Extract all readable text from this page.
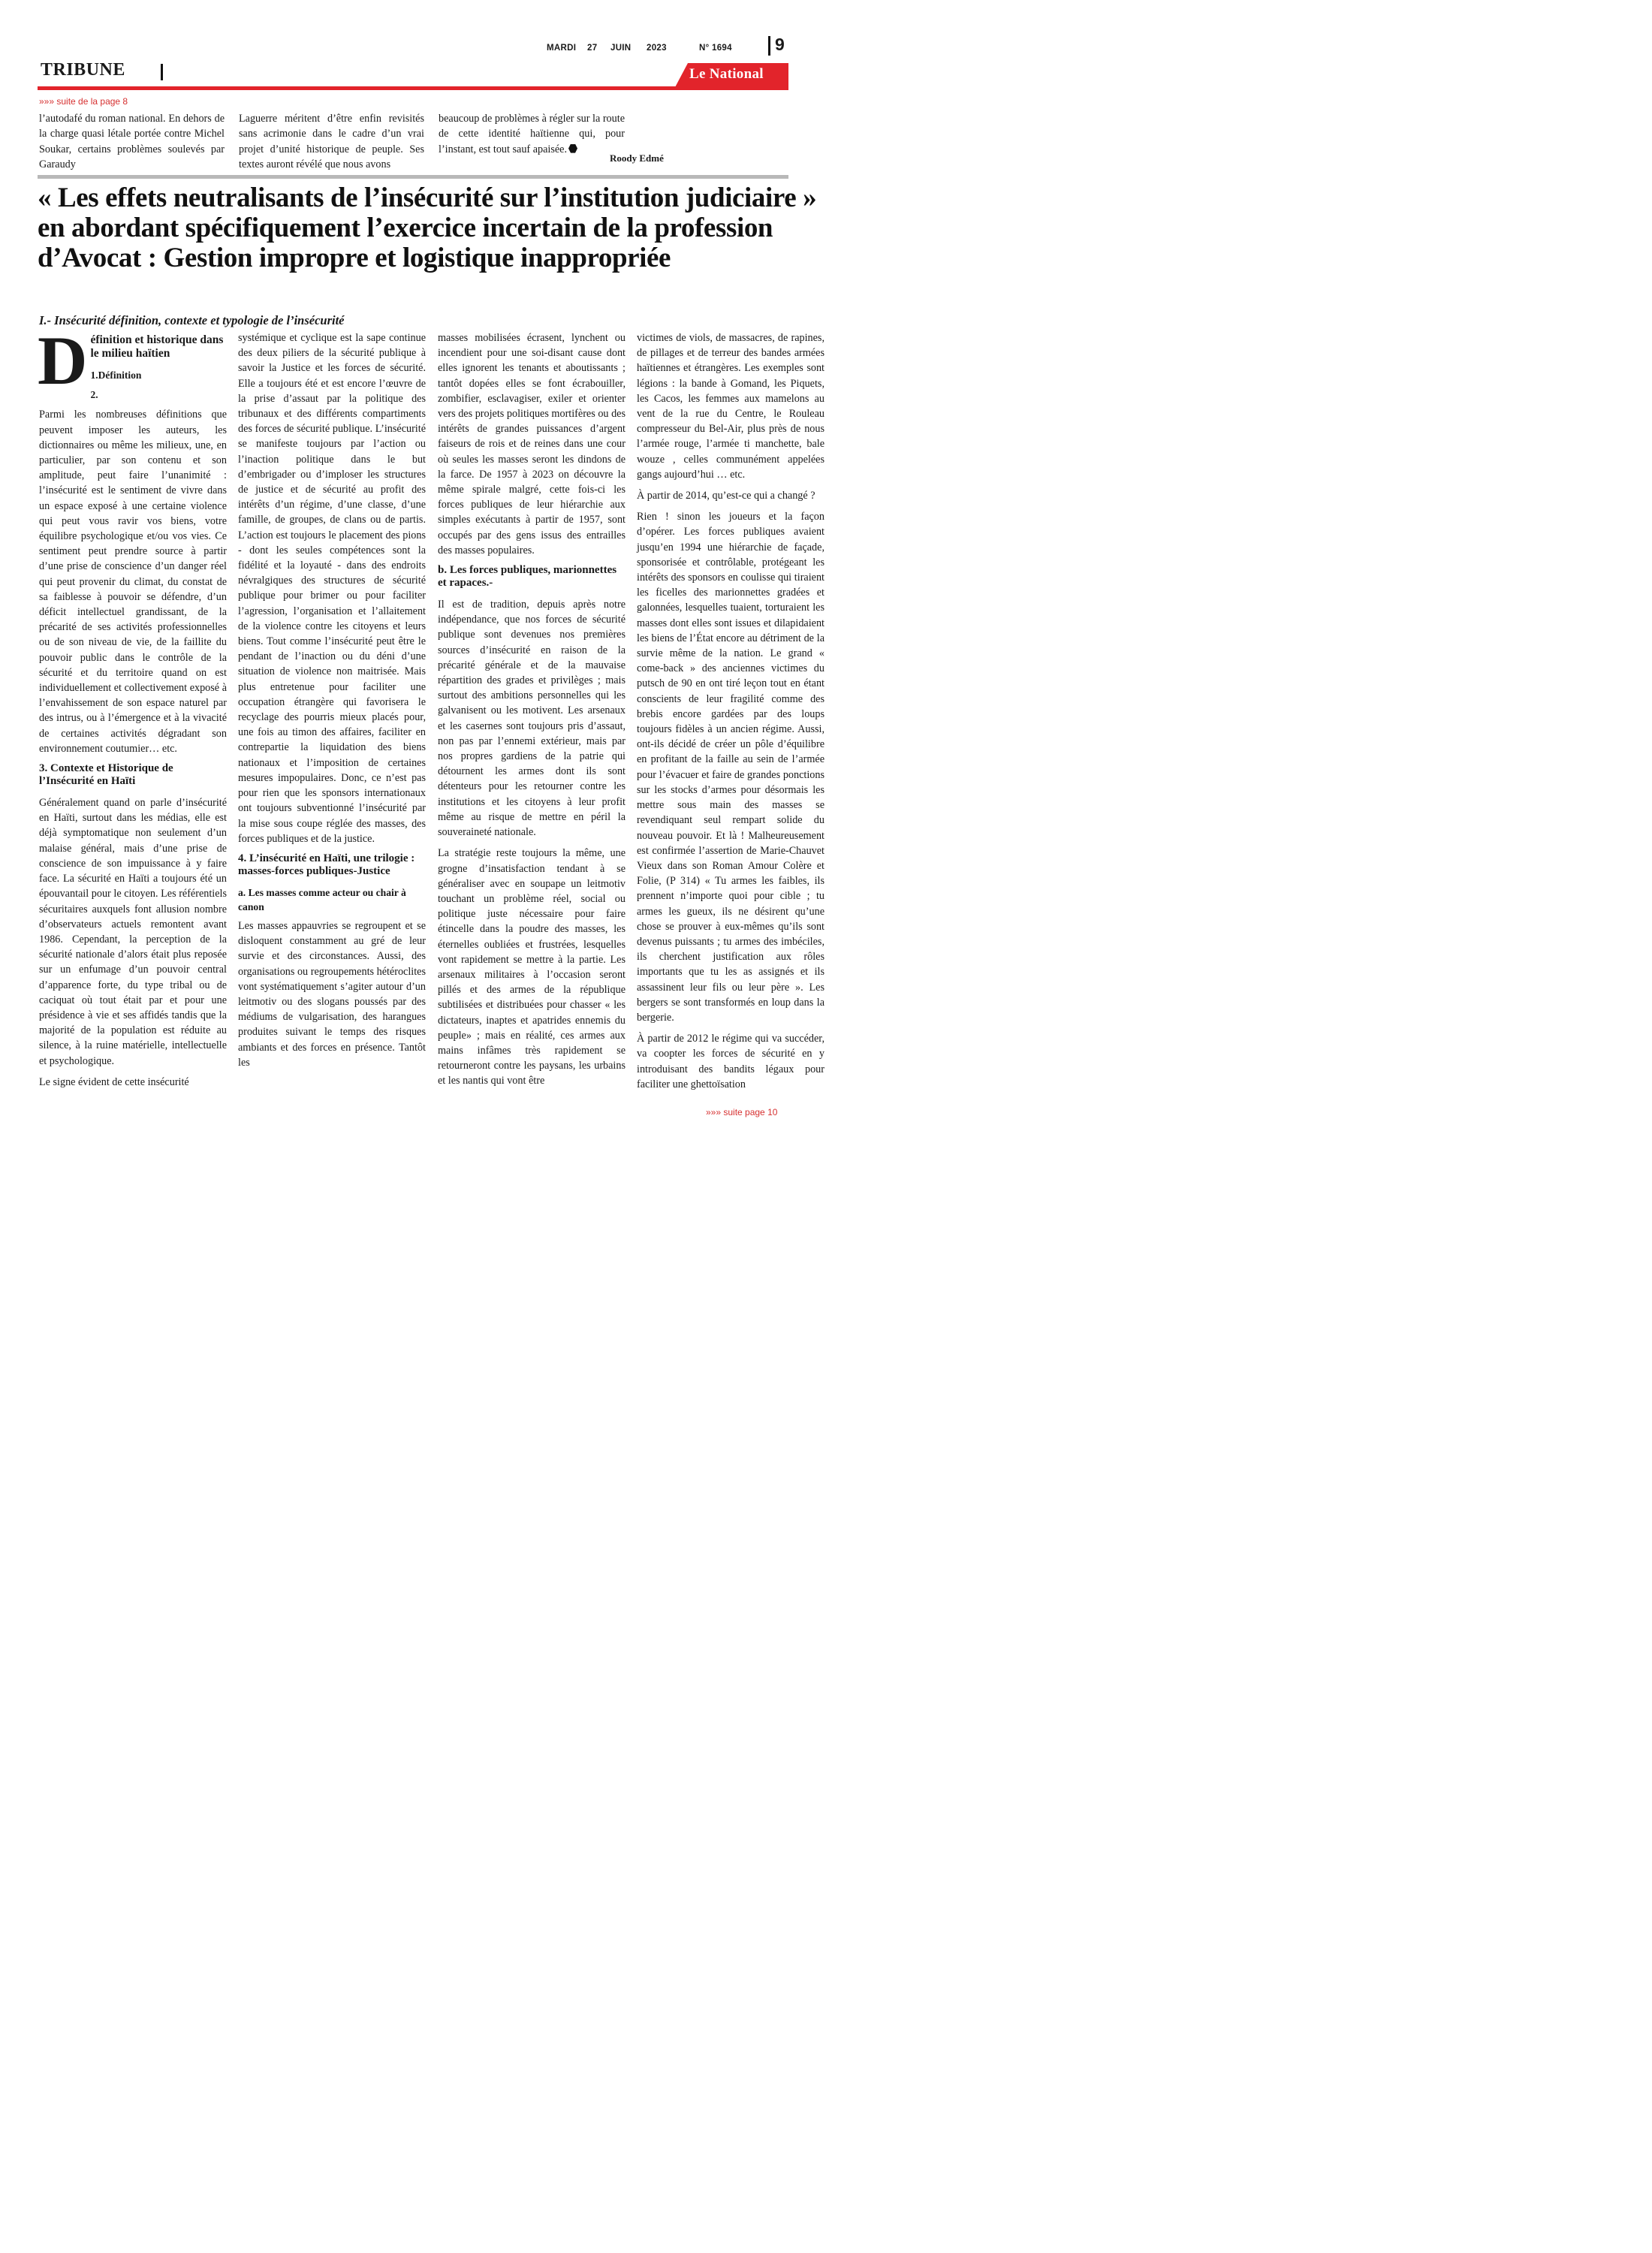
MARDI 27 JUIN 2023	N° 1694 9
TRIBUNE	Le National
»»» suite de la page 8
l’autodafé du roman national. En dehors de la charge quasi létale portée contre Michel Soukar, certains problèmes soulevés par Garaudy
Laguerre méritent d’être enfin revisités sans acrimonie dans le cadre d’un vrai projet d’unité historique de peuple. Ses textes auront révélé que nous avons
beaucoup de problèmes à régler sur la route de cette identité haïtienne qui, pour l’instant, est tout sauf apaisée.
Roody Edmé
« Les effets neutralisants de l’insécurité sur l’institution judiciaire » en abordant spécifiquement l’exercice incertain de la profession d’Avocat : Gestion impropre et logistique inappropriée
I.- Insécurité définition, contexte et typologie de l’insécurité
D éfinition et historique dans le milieu haïtien
1.Définition
2.

Parmi les nombreuses définitions que peuvent imposer les auteurs, les dictionnaires ou même les milieux, une, en particulier, par son contenu et son amplitude, peut faire l’unanimité : l’insécurité est le sentiment de vivre dans un espace exposé à une certaine violence qui peut vous ravir vos biens, votre équilibre psychologique et/ou vos vies. Ce sentiment peut prendre source à partir d’une prise de conscience d’un danger réel qui peut provenir du climat, du constat de sa faiblesse à pouvoir se défendre, d’un déficit intellectuel grandissant, de la précarité de ses activités professionnelles ou de son niveau de vie, de la faillite du pouvoir public dans le contrôle de la sécurité et du territoire quand on est individuellement et collectivement exposé à l’envahissement de son espace naturel par des intrus, ou à l’émergence et à la vivacité de certaines activités dégradant son environnement coutumier… etc.

3. Contexte et Historique de l’Insécurité en Haïti

Généralement quand on parle d’insécurité en Haïti, surtout dans les médias, elle est déjà symptomatique non seulement d’un malaise général, mais d’une prise de conscience de son impuissance à y faire face. La sécurité en Haïti a toujours été un épouvantail pour le citoyen. Les référentiels sécuritaires auxquels font allusion nombre d’observateurs actuels remontent avant 1986. Cependant, la perception de la sécurité nationale d’alors était plus reposée sur un enfumage d’un pouvoir central d’apparence forte, du type tribal ou de caciquat où tout était par et pour une présidence à vie et ses affidés tandis que la majorité de la population est réduite au silence, à la ruine matérielle, intellectuelle et psychologique.

Le signe évident de cette insécurité

systémique et cyclique est la sape continue des deux piliers de la sécurité publique à savoir la Justice et les forces de sécurité. Elle a toujours été et est encore l’œuvre de la prise d’assaut par la politique des tribunaux et des différents compartiments des forces de sécurité publique. L’insécurité se manifeste toujours par l’action ou l’inaction politique dans le but d’embrigader ou d’imploser les structures de justice et de sécurité au profit des intérêts d’un régime, d’une classe, d’une famille, de groupes, de clans ou de partis. L’action est toujours le placement des pions - dont les seules compétences sont la fidélité et la loyauté - dans des endroits névralgiques des structures de sécurité publique pour brimer ou pour faciliter l’agression, l’organisation et l’allaitement de la violence contre les citoyens et leurs biens. Tout comme l’insécurité peut être le pendant de l’inaction ou du déni d’une situation de violence non maitrisée. Mais plus entretenue pour faciliter une occupation étrangère qui favorisera le recyclage des pourris mieux placés pour, une fois au timon des affaires, faciliter en contrepartie la liquidation des biens nationaux et l’imposition de certaines mesures impopulaires. Donc, ce n’est pas pour rien que les sponsors internationaux ont toujours subventionné l’insécurité par la mise sous coupe réglée des masses, des forces publiques et de la justice.

4. L’insécurité en Haïti, une trilogie : masses-forces publiques-Justice
a. Les masses comme acteur ou chair à canon

Les masses appauvries se regroupent et se disloquent constamment au gré de leur survie et des circonstances. Aussi, des organisations ou regroupements hétéroclites vont systématiquement s’agiter autour d’un leitmotiv ou des slogans poussés par des médiums de vulgarisation, des harangues produites suivant le temps des risques ambiants et des forces en présence. Tantôt les

masses mobilisées écrasent, lynchent ou incendient pour une soi-disant cause dont elles ignorent les tenants et aboutissants ; tantôt dopées elles se font écrabouiller, zombifier, esclavagiser, exiler et orienter vers des projets politiques mortifères ou des intérêts de grandes puissances d’argent faiseurs de rois et de reines dans une cour où seules les masses seront les dindons de la farce. De 1957 à 2023 on découvre la même spirale malgré, cette fois-ci les forces publiques de leur hiérarchie aux simples exécutants à partir de 1957, sont occupés par des gens issus des entrailles des masses populaires.

b. Les forces publiques, marionnettes et rapaces.-

Il est de tradition, depuis après notre indépendance, que nos forces de sécurité publique sont devenues nos premières sources d’insécurité en raison de la précarité générale et de la mauvaise répartition des grades et privilèges ; mais surtout des ambitions personnelles qui les galvanisent ou les motivent. Les arsenaux et les casernes sont toujours pris d’assaut, non pas par l’ennemi extérieur, mais par nos propres gardiens de la patrie qui détournent les armes dont ils sont détenteurs pour les retourner contre les institutions et les citoyens à leur profit même au risque de mettre en péril la souveraineté nationale.

La stratégie reste toujours la même, une grogne d’insatisfaction tendant à se généraliser avec en soupape un leitmotiv touchant un problème réel, social ou politique juste nécessaire pour faire étincelle dans la poudre des masses, les éternelles oubliées et frustrées, lesquelles vont rapidement se mettre à la partie. Les arsenaux militaires à l’occasion seront pillés et des armes de la république subtilisées et distribuées pour chasser « les dictateurs, inaptes et apatrides ennemis du peuple» ; mais en réalité, ces armes aux mains infâmes très rapidement se retourneront contre les paysans, les urbains et les nantis qui vont être

victimes de viols, de massacres, de rapines, de pillages et de terreur des bandes armées haïtiennes et étrangères. Les exemples sont légions : la bande à Gomand, les Piquets, les Cacos, les femmes aux mamelons au vent de la rue du Centre, le Rouleau compresseur du Bel-Air, plus près de nous l’armée rouge, l’armée ti manchette, bale wouze , celles communément appelées gangs aujourd’hui … etc.

À partir de 2014, qu’est-ce qui a changé ?

Rien ! sinon les joueurs et la façon d’opérer. Les forces publiques avaient jusqu’en 1994 une hiérarchie de façade, sponsorisée et contrôlable, protégeant les intérêts des sponsors en coulisse qui tiraient les ficelles des marionnettes gradées et galonnées, lesquelles tuaient, torturaient les masses dont elles sont issues et dilapidaient les biens de l’État encore au détriment de la survie même de la nation. Le grand « come-back » des anciennes victimes du putsch de 90 en ont tiré leçon tout en étant conscients de leur fragilité comme des brebis encore gardées par des loups toujours fidèles à un ancien régime. Aussi, ont-ils décidé de créer un pôle d’équilibre en profitant de la faille au sein de l’armée pour l’évacuer et faire de grandes ponctions sur les stocks d’armes pour désormais les mettre sous main des masses se revendiquant seul rempart solide du nouveau pouvoir. Et là ! Malheureusement est confirmée l’assertion de Marie-Chauvet Vieux dans son Roman Amour Colère et Folie, (P 314) « Tu armes les faibles, ils prennent n’importe quoi pour cible ; tu armes les gueux, ils ne désirent qu’une chose se prouver à eux-mêmes qu’ils sont devenus puissants ; tu armes des imbéciles, ils cherchent justification aux rôles importants que tu les as assignés et ils assassinent leur fils ou leur père ». Les bergers se sont transformés en loup dans la bergerie.

À partir de 2012 le régime qui va succéder, va coopter les forces de sécurité en y introduisant des bandits légaux pour faciliter une ghettoïsation

»»» suite page 10
